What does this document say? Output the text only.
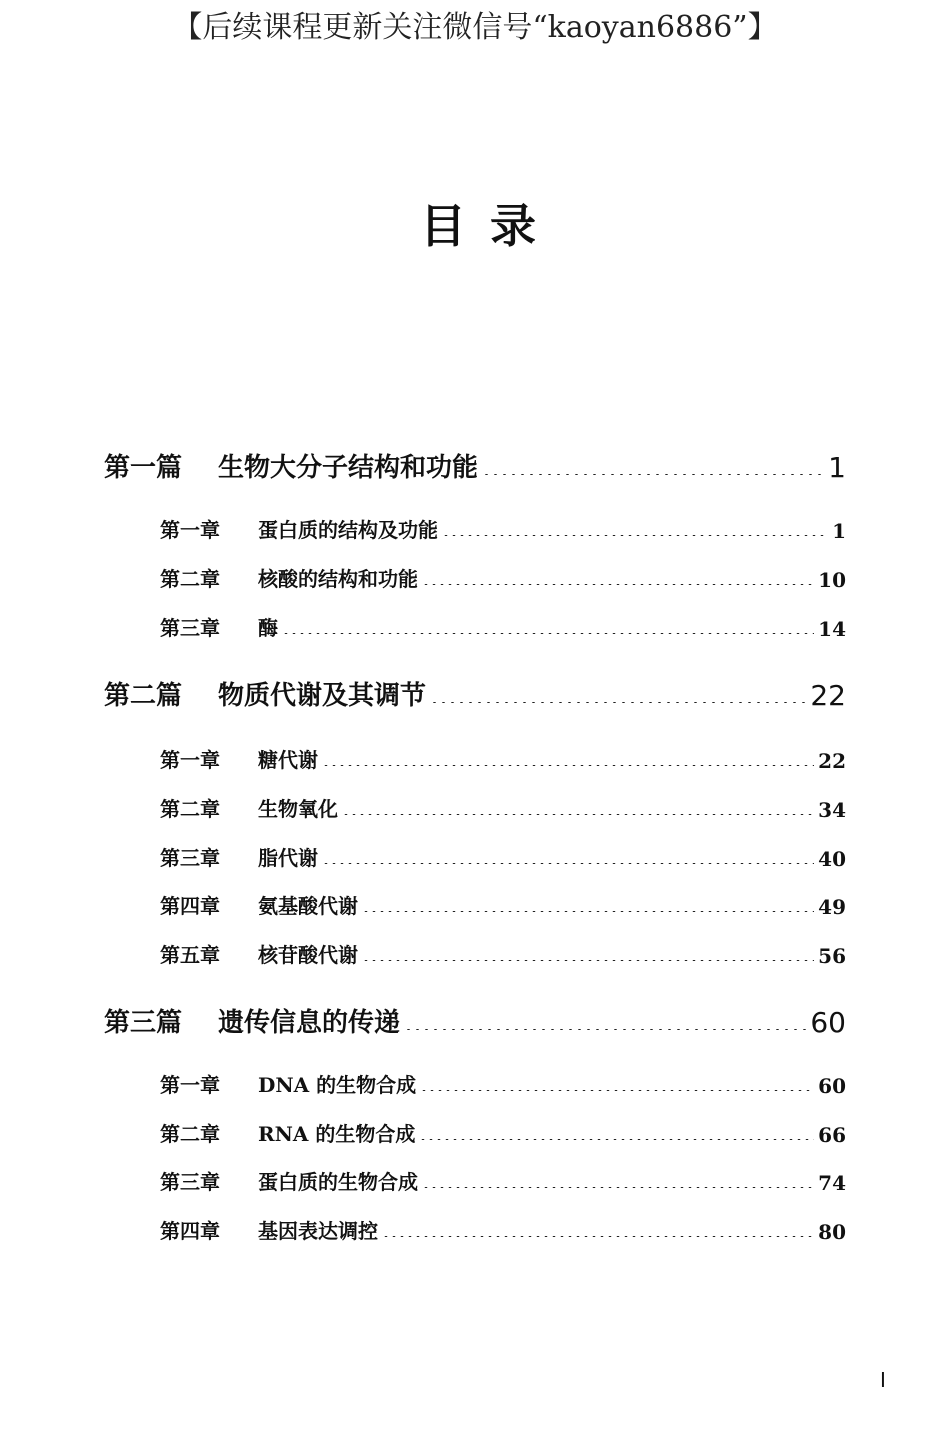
【后续课程更新关注微信号“kaoyan6886”】
目 录
第一篇	生物大分子结构和功能	1
第一章	蛋白质的结构及功能	1
第二章	核酸的结构和功能	10
第三章	酶	14
第二篇	物质代谢及其调节	22
第一章	糖代谢	22
第二章	生物氧化	34
第三章	脂代谢	40
第四章	氨基酸代谢	49
第五章	核苷酸代谢	56
第三篇	遗传信息的传递	60
第一章	DNA 的生物合成	60
第二章	RNA 的生物合成	66
第三章	蛋白质的生物合成	74
第四章	基因表达调控	80
I
